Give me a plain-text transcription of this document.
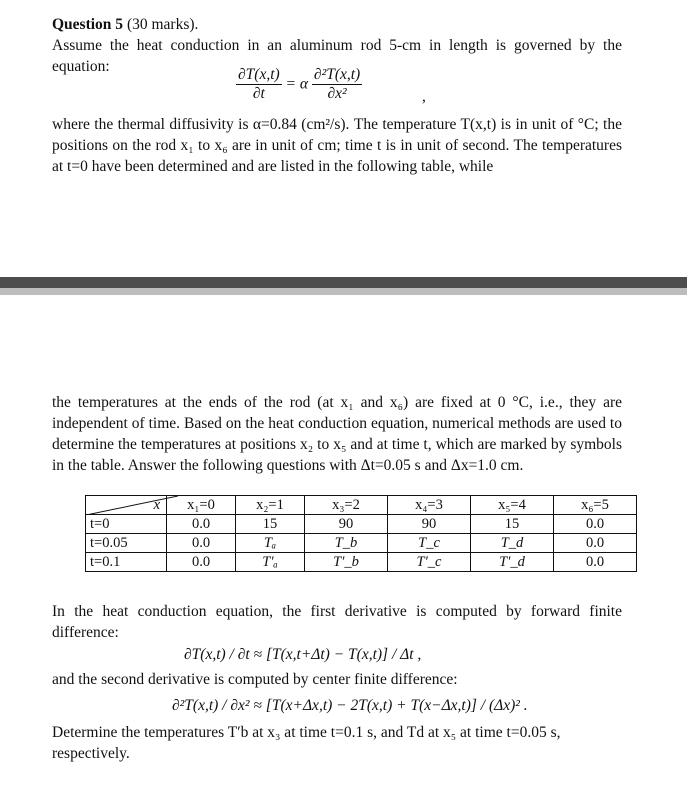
Question 5 (30 marks).

Assume the heat conduction in an aluminum rod 5-cm in length is governed by the equation:	$\frac{\partial T(x,t)}{\partial t} = \alpha \frac{\text{∂²T(x,t)}}{\text{∂x²}}$	,
where the thermal diffusivity is α=0.84 (cm²/s). The temperature T(x,t) is in unit of °C; the positions on the rod x₁ to x₆ are in unit of cm; time t is in unit of second. The temperatures at t=0 have been determined and are listed in the following table, while
the temperatures at the ends of the rod (at x₁ and x₆) are fixed at 0 °C, i.e., they are independent of time. Based on the heat conduction equation, numerical methods are used to determine the temperatures at positions x₂ to x₅ and at time t, which are marked by symbols in the table. Answer the following questions with Δt=0.05 s and Δx=1.0 cm.
x	x₁=0	x₂=1	x₃=2	x₄=3	x₅=4	x₆=5
t=0	0.0	15	90	90	15	0.0
t=0.05	0.0	Tₐ	T_b	T_c	T_d	0.0
t=0.1	0.0	T′ₐ	T′_b	T′_c	T′_d	0.0
In the heat conduction equation, the first derivative is computed by forward finite difference:
∂T(x,t) / ∂t ≈ [T(x,t+Δt) − T(x,t)] / Δt ,
and the second derivative is computed by center finite difference:
∂²T(x,t) / ∂x² ≈ [T(x+Δx,t) − 2T(x,t) + T(x−Δx,t)] / (Δx)² .
Determine the temperatures T′b at x₃ at time t=0.1 s, and Td at x₅ at time t=0.05 s, respectively.
